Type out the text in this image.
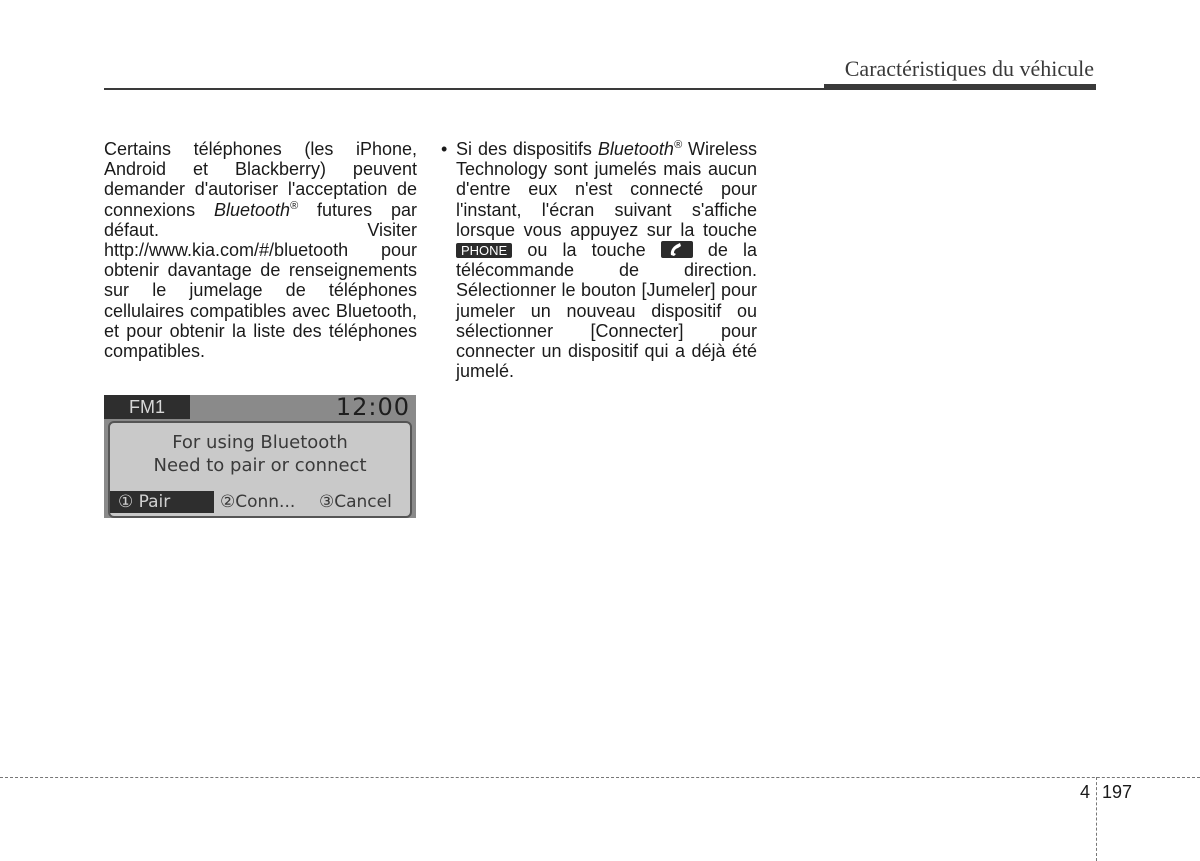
Caractéristiques du véhicule

Certains téléphones (les iPhone, Android et Blackberry) peuvent demander d'autoriser l'acceptation de connexions Bluetooth® futures par défaut. Visiter http://www.kia.com/#/bluetooth pour obtenir davantage de renseignements sur le jumelage de téléphones cellulaires compatibles avec Bluetooth, et pour obtenir la liste des téléphones compatibles.

• Si des dispositifs Bluetooth® Wireless Technology sont jumelés mais aucun d'entre eux n'est connecté pour l'instant, l'écran suivant s'affiche lorsque vous appuyez sur la touche PHONE ou la touche
de la télécommande de direction. Sélectionner le bouton [Jumeler] pour jumeler un nouveau dispositif ou sélectionner [Connecter] pour connecter un dispositif qui a déjà été jumelé.

FM1	12:00
For using Bluetooth
Need to pair or connect
① Pair	②Conn... ③Cancel
4 197
